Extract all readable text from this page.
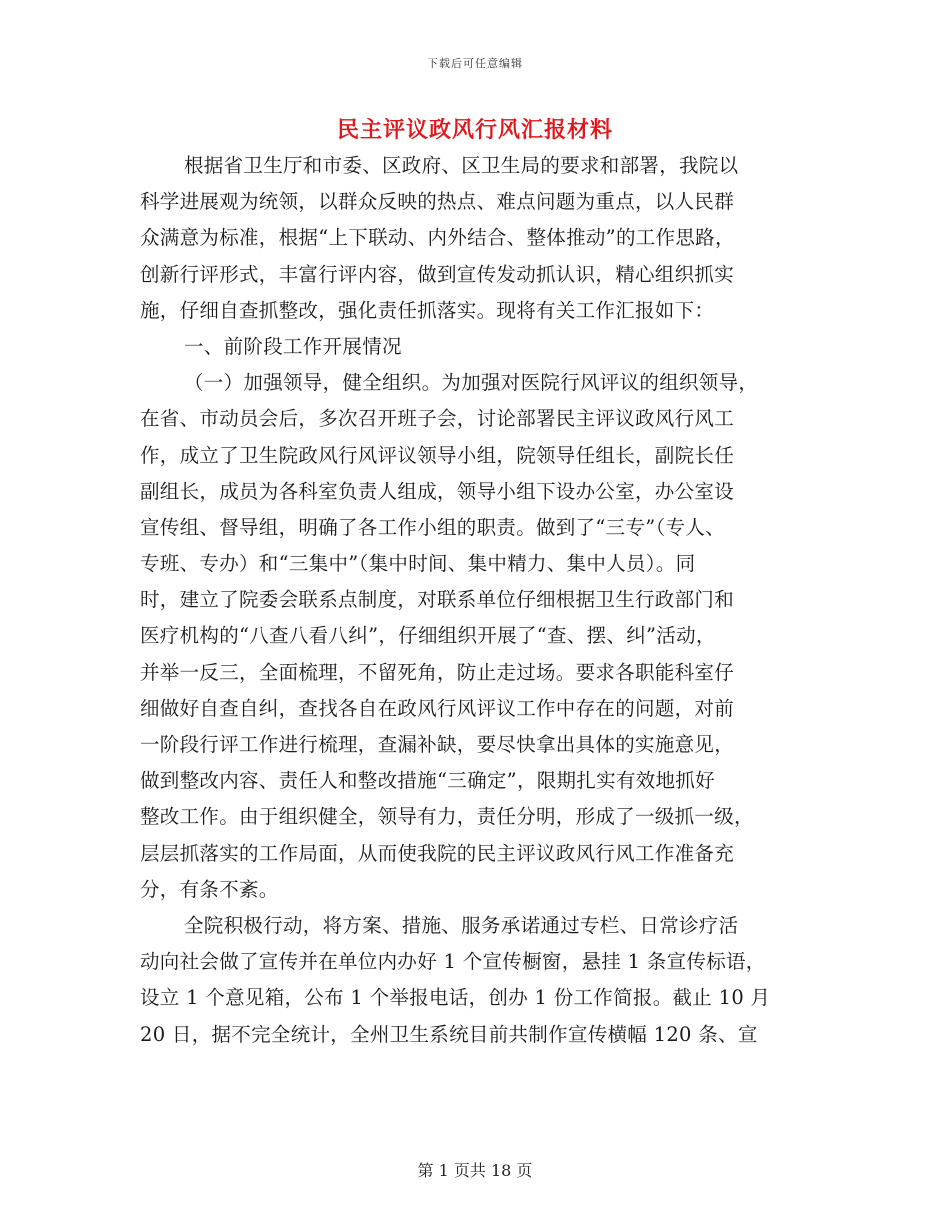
下载后可任意编辑
民主评议政风行风汇报材料
根据省卫生厅和市委、区政府、区卫生局的要求和部署，我院以
科学进展观为统领，以群众反映的热点、难点问题为重点，以人民群
众满意为标准，根据“上下联动、内外结合、整体推动”的工作思路，
创新行评形式，丰富行评内容，做到宣传发动抓认识，精心组织抓实
施，仔细自查抓整改，强化责任抓落实。现将有关工作汇报如下：
一、前阶段工作开展情况
（一）加强领导，健全组织。为加强对医院行风评议的组织领导，
在省、市动员会后，多次召开班子会，讨论部署民主评议政风行风工
作，成立了卫生院政风行风评议领导小组，院领导任组长，副院长任
副组长，成员为各科室负责人组成，领导小组下设办公室，办公室设
宣传组、督导组，明确了各工作小组的职责。做到了“三专”（专人、
专班、专办）和“三集中”（集中时间、集中精力、集中人员）。同
时，建立了院委会联系点制度，对联系单位仔细根据卫生行政部门和
医疗机构的“八查八看八纠”，仔细组织开展了“查、摆、纠”活动，
并举一反三，全面梳理，不留死角，防止走过场。要求各职能科室仔
细做好自查自纠，查找各自在政风行风评议工作中存在的问题，对前
一阶段行评工作进行梳理，查漏补缺，要尽快拿出具体的实施意见，
做到整改内容、责任人和整改措施“三确定”，限期扎实有效地抓好
整改工作。由于组织健全，领导有力，责任分明，形成了一级抓一级，
层层抓落实的工作局面，从而使我院的民主评议政风行风工作准备充
分，有条不紊。
全院积极行动，将方案、措施、服务承诺通过专栏、日常诊疗活
动向社会做了宣传并在单位内办好 1 个宣传橱窗，悬挂 1 条宣传标语，
设立 1 个意见箱，公布 1 个举报电话，创办 1 份工作简报。截止 10 月
20 日，据不完全统计，全州卫生系统目前共制作宣传横幅 120 条、宣
第 1 页共 18 页
